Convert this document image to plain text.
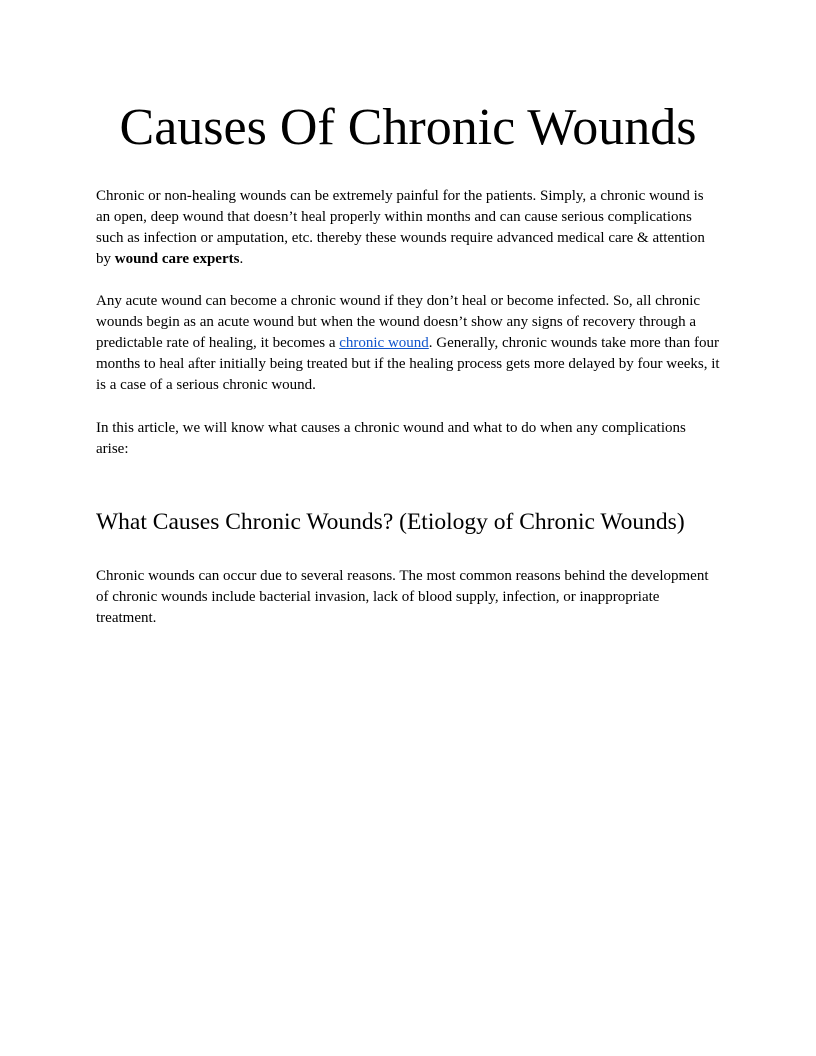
Causes Of Chronic Wounds

Chronic or non-healing wounds can be extremely painful for the patients. Simply, a chronic wound is an open, deep wound that doesn’t heal properly within months and can cause serious complications such as infection or amputation, etc. thereby these wounds require advanced medical care & attention by wound care experts.

Any acute wound can become a chronic wound if they don’t heal or become infected. So, all chronic wounds begin as an acute wound but when the wound doesn’t show any signs of recovery through a predictable rate of healing, it becomes a chronic wound. Generally, chronic wounds take more than four months to heal after initially being treated but if the healing process gets more delayed by four weeks, it is a case of a serious chronic wound.

In this article, we will know what causes a chronic wound and what to do when any complications arise:

What Causes Chronic Wounds? (Etiology of Chronic Wounds)

Chronic wounds can occur due to several reasons. The most common reasons behind the development of chronic wounds include bacterial invasion, lack of blood supply, infection, or inappropriate treatment.
